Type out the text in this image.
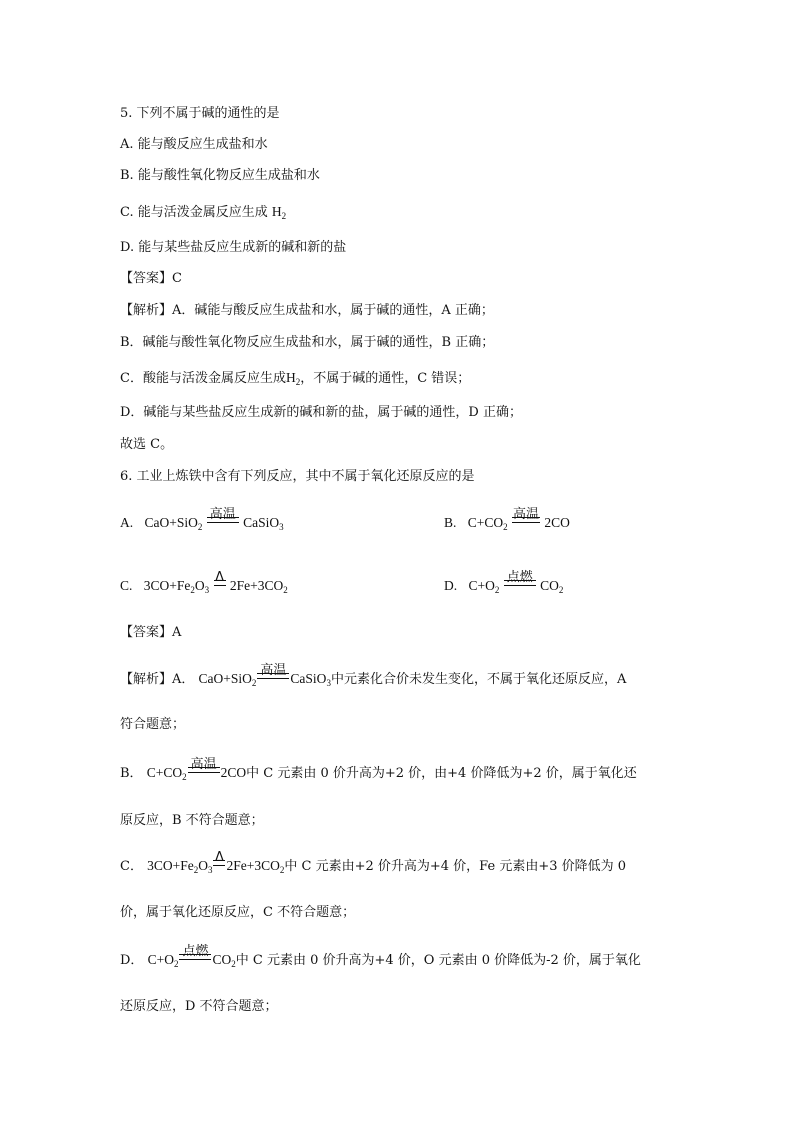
5. 下列不属于碱的通性的是
A. 能与酸反应生成盐和水
B. 能与酸性氧化物反应生成盐和水
C. 能与活泼金属反应生成 $H_2$
D. 能与某些盐反应生成新的碱和新的盐
【答案】C
【解析】A．碱能与酸反应生成盐和水，属于碱的通性，A 正确；
B．碱能与酸性氧化物反应生成盐和水，属于碱的通性，B 正确；
C．酸能与活泼金属反应生成$H_2$，不属于碱的通性，C 错误；
D．碱能与某些盐反应生成新的碱和新的盐，属于碱的通性，D 正确；
故选 C。
6. 工业上炼铁中含有下列反应，其中不属于氧化还原反应的是
A. CaO+SiO$_2$
高温
CaSiO$_3$	B. $C+CO_2$
高温
2CO
C. $3CO+Fe_2O_3$
Δ
$2Fe+3CO_2$	D. $C+O_2$
点燃
$CO_2$
【答案】A
【解析】A． CaO+SiO$_2$
高温
CaSiO$_3$中元素化合价未发生变化，不属于氧化还原反应，A
符合题意；
B． $C+CO_2$
高温
2CO中 C 元素由 0 价升高为+2 价，由+4 价降低为+2 价，属于氧化还
原反应，B 不符合题意；
C． $3CO+Fe_2O_3$
Δ
$2Fe+3CO_2$中 C 元素由+2 价升高为+4 价，Fe 元素由+3 价降低为 0
价，属于氧化还原反应，C 不符合题意；
D． $C+O_2$
点燃
$CO_2$中 C 元素由 0 价升高为+4 价，O 元素由 0 价降低为-2 价，属于氧化
还原反应，D 不符合题意；
